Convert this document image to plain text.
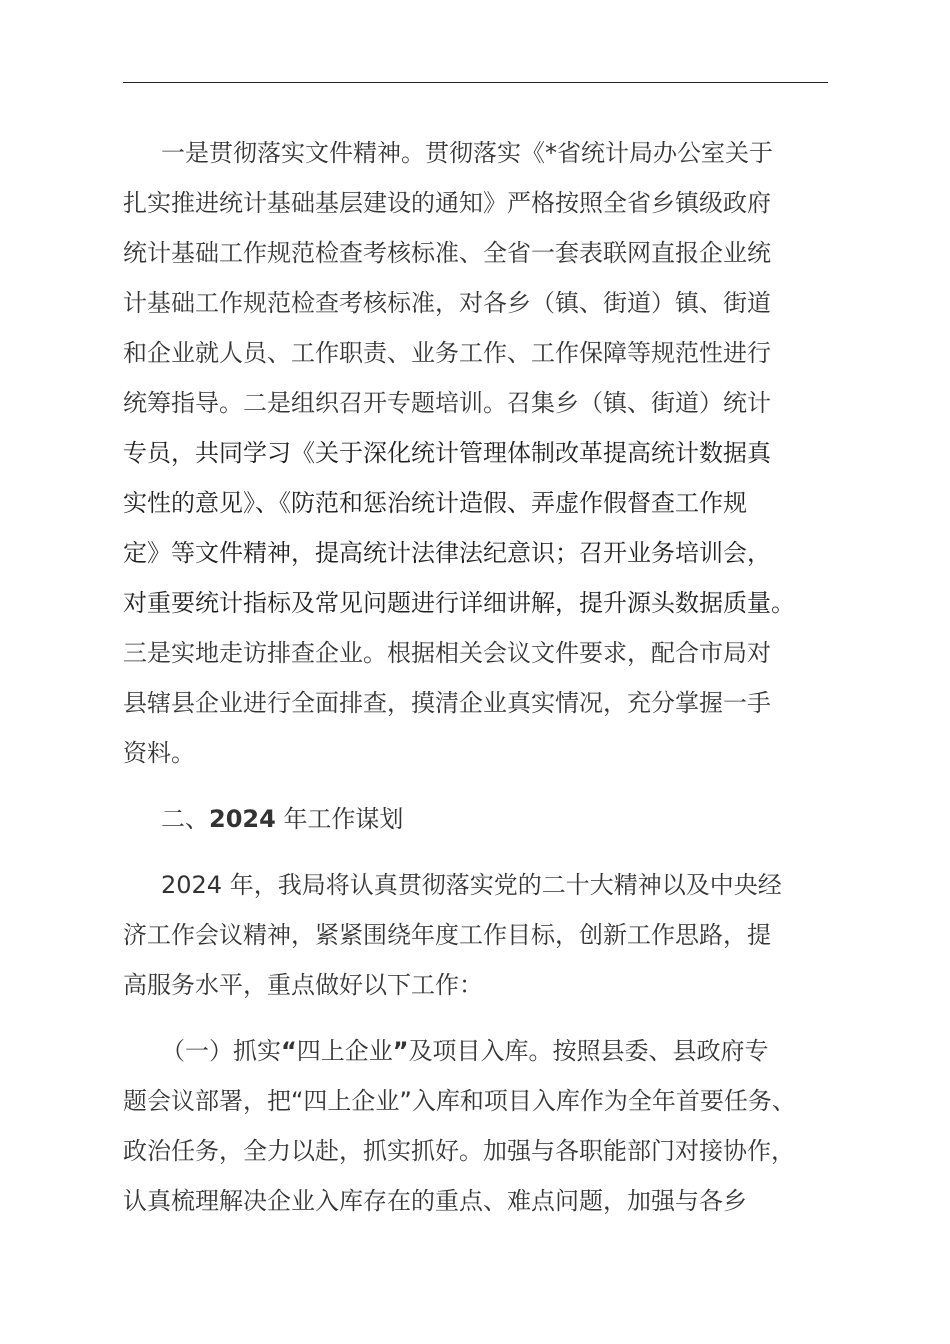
一是贯彻落实文件精神。贯彻落实《*省统计局办公室关于
扎实推进统计基础基层建设的通知》严格按照全省乡镇级政府
统计基础工作规范检查考核标准、全省一套表联网直报企业统
计基础工作规范检查考核标准，对各乡（镇、街道）镇、街道
和企业就人员、工作职责、业务工作、工作保障等规范性进行
统筹指导。二是组织召开专题培训。召集乡（镇、街道）统计
专员，共同学习《关于深化统计管理体制改革提高统计数据真
实性的意见》、《防范和惩治统计造假、弄虚作假督查工作规
定》等文件精神，提高统计法律法纪意识；召开业务培训会，
对重要统计指标及常见问题进行详细讲解，提升源头数据质量。
三是实地走访排查企业。根据相关会议文件要求，配合市局对
县辖县企业进行全面排查，摸清企业真实情况，充分掌握一手
资料。
二、2024 年工作谋划
2024 年，我局将认真贯彻落实党的二十大精神以及中央经
济工作会议精神，紧紧围绕年度工作目标，创新工作思路，提
高服务水平，重点做好以下工作：
（一）抓实“四上企业”及项目入库。按照县委、县政府专
题会议部署，把“四上企业”入库和项目入库作为全年首要任务、
政治任务，全力以赴，抓实抓好。加强与各职能部门对接协作，
认真梳理解决企业入库存在的重点、难点问题，加强与各乡
